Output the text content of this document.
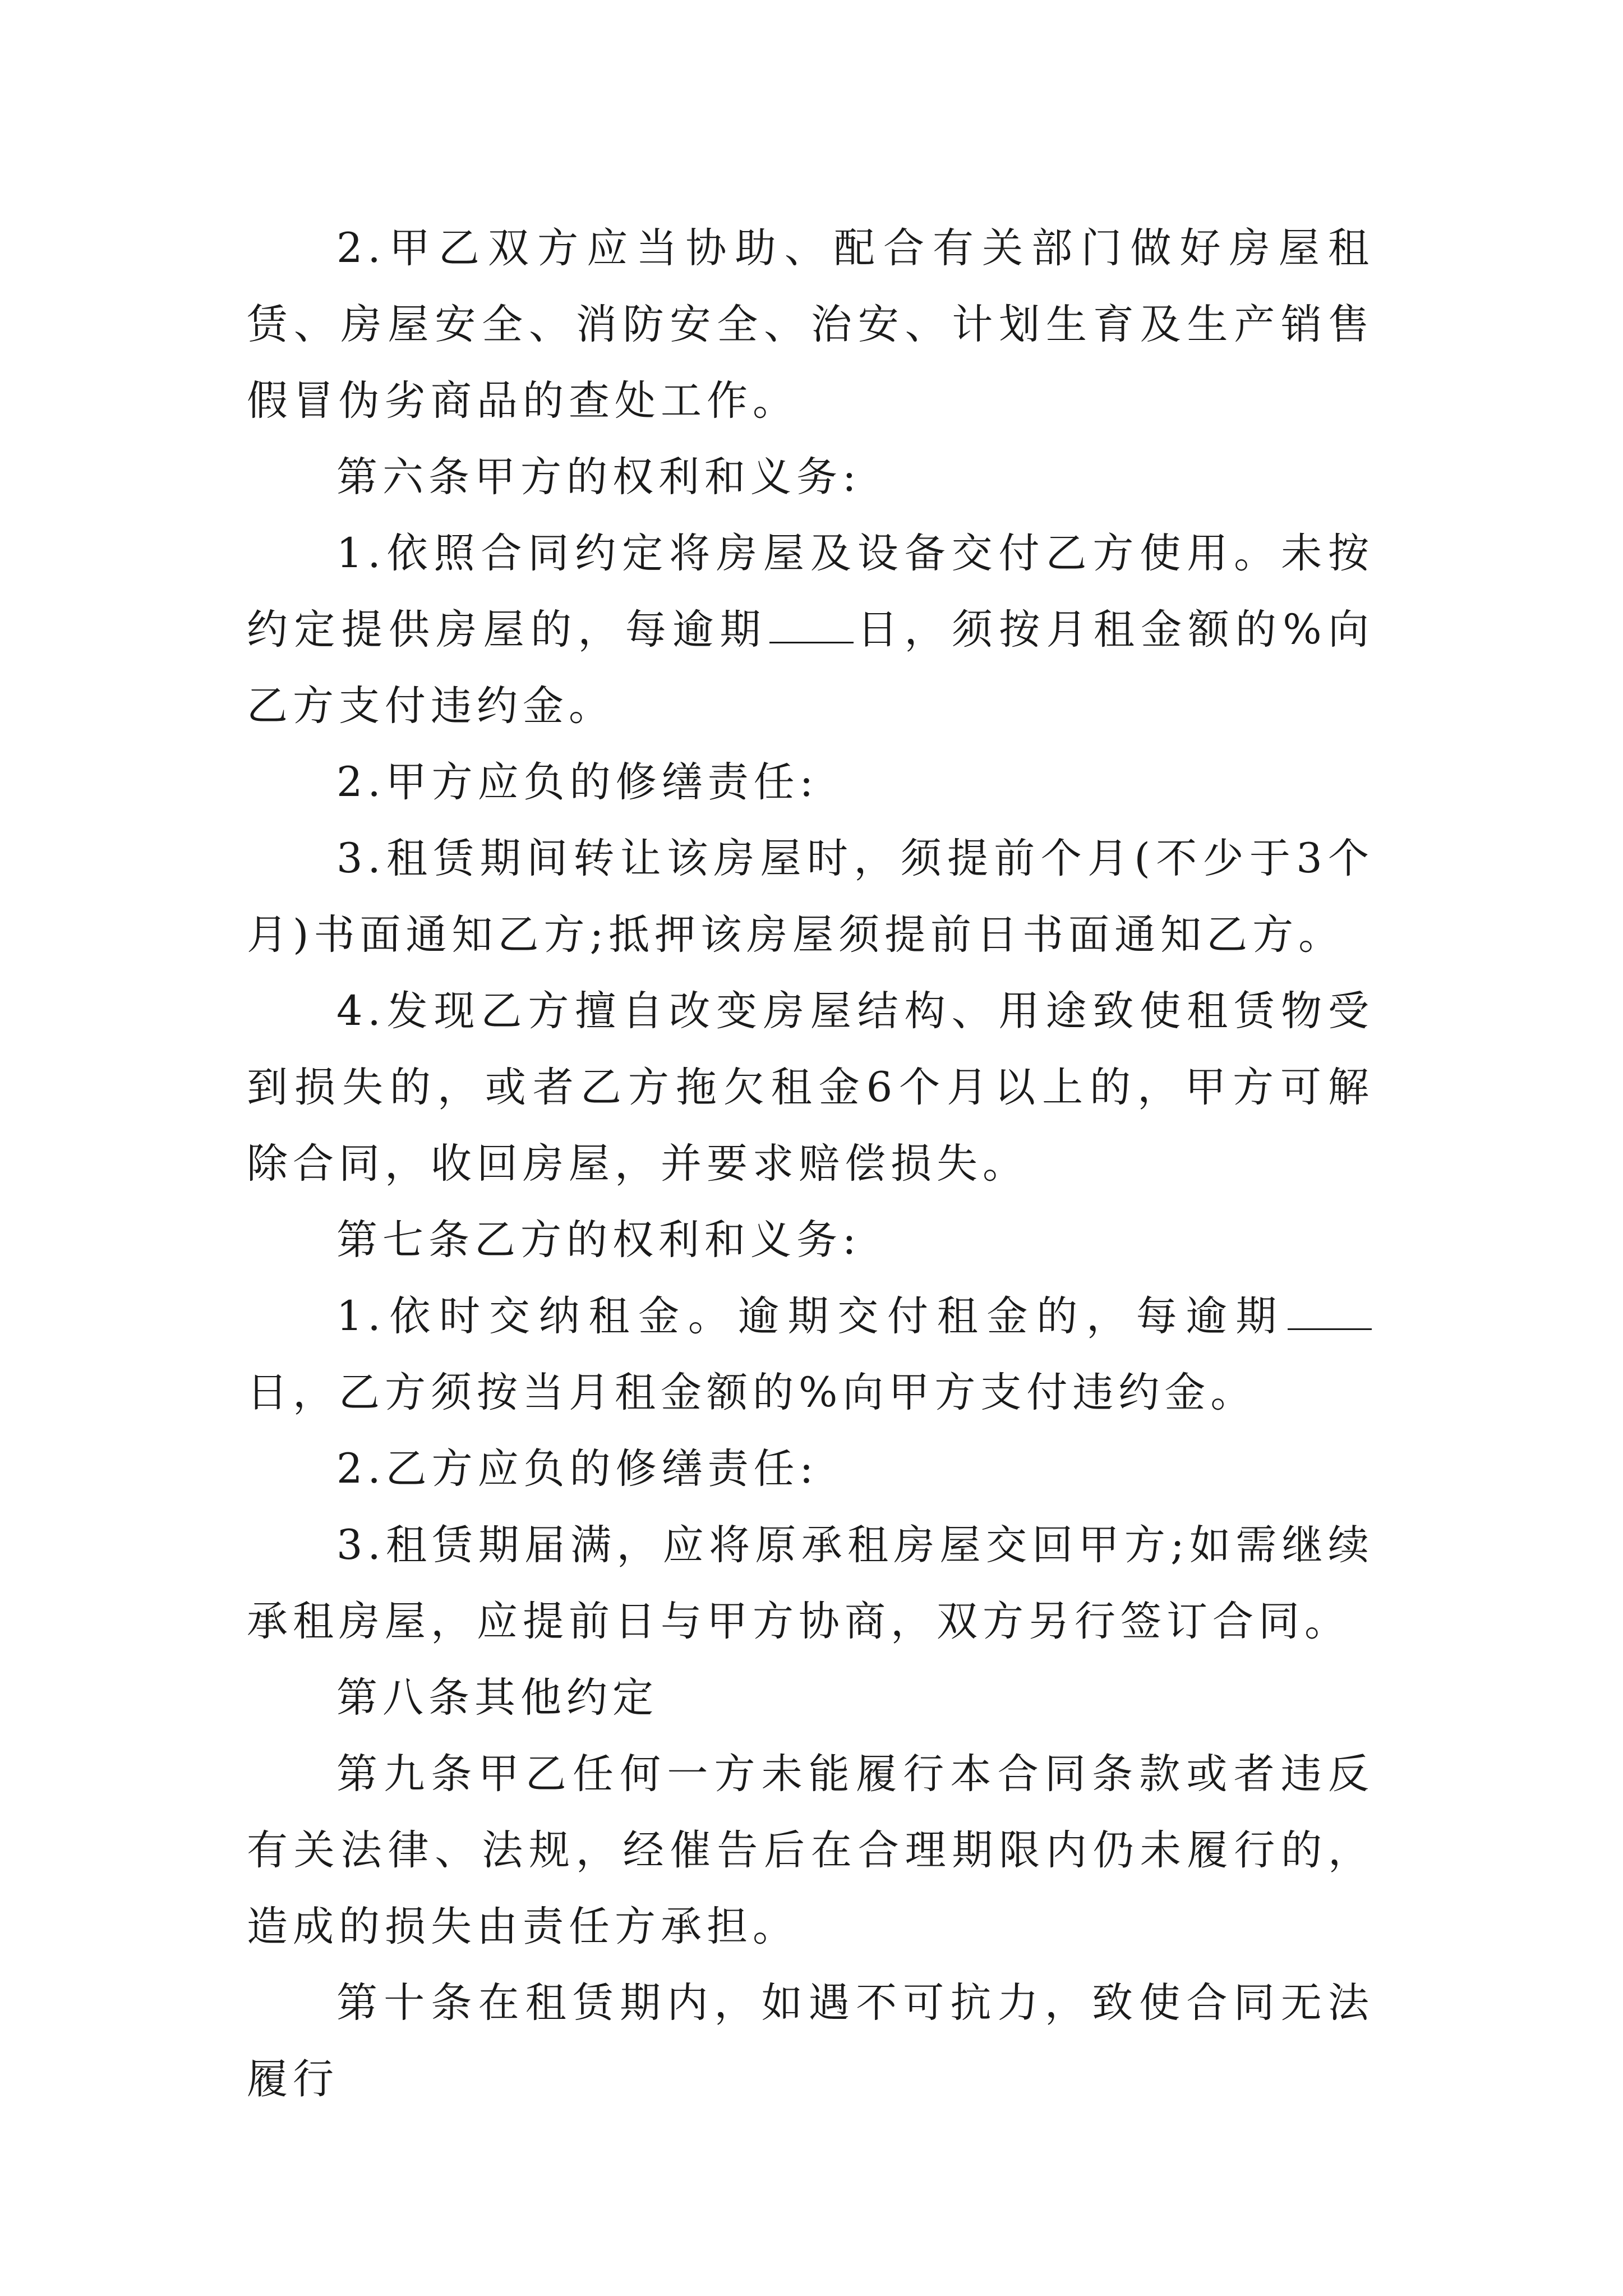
2.甲乙双方应当协助、配合有关部门做好房屋租赁、房屋安全、消防安全、治安、计划生育及生产销售假冒伪劣商品的查处工作。

第六条甲方的权利和义务:

1.依照合同约定将房屋及设备交付乙方使用。未按约定提供房屋的，每逾期 日，须按月租金额的%向乙方支付违约金。

2.甲方应负的修缮责任:

3.租赁期间转让该房屋时，须提前个月(不少于3个月)书面通知乙方;抵押该房屋须提前日书面通知乙方。

4.发现乙方擅自改变房屋结构、用途致使租赁物受到损失的，或者乙方拖欠租金6个月以上的，甲方可解除合同，收回房屋，并要求赔偿损失。

第七条乙方的权利和义务:

1.依时交纳租金。逾期交付租金的，每逾期日，乙方须按当月租金额的%向甲方支付违约金。

2.乙方应负的修缮责任:

3.租赁期届满，应将原承租房屋交回甲方;如需继续承租房屋，应提前日与甲方协商，双方另行签订合同。

第八条其他约定

第九条甲乙任何一方未能履行本合同条款或者违反有关法律、法规，经催告后在合理期限内仍未履行的，造成的损失由责任方承担。

第十条在租赁期内，如遇不可抗力，致使合同无法履行
